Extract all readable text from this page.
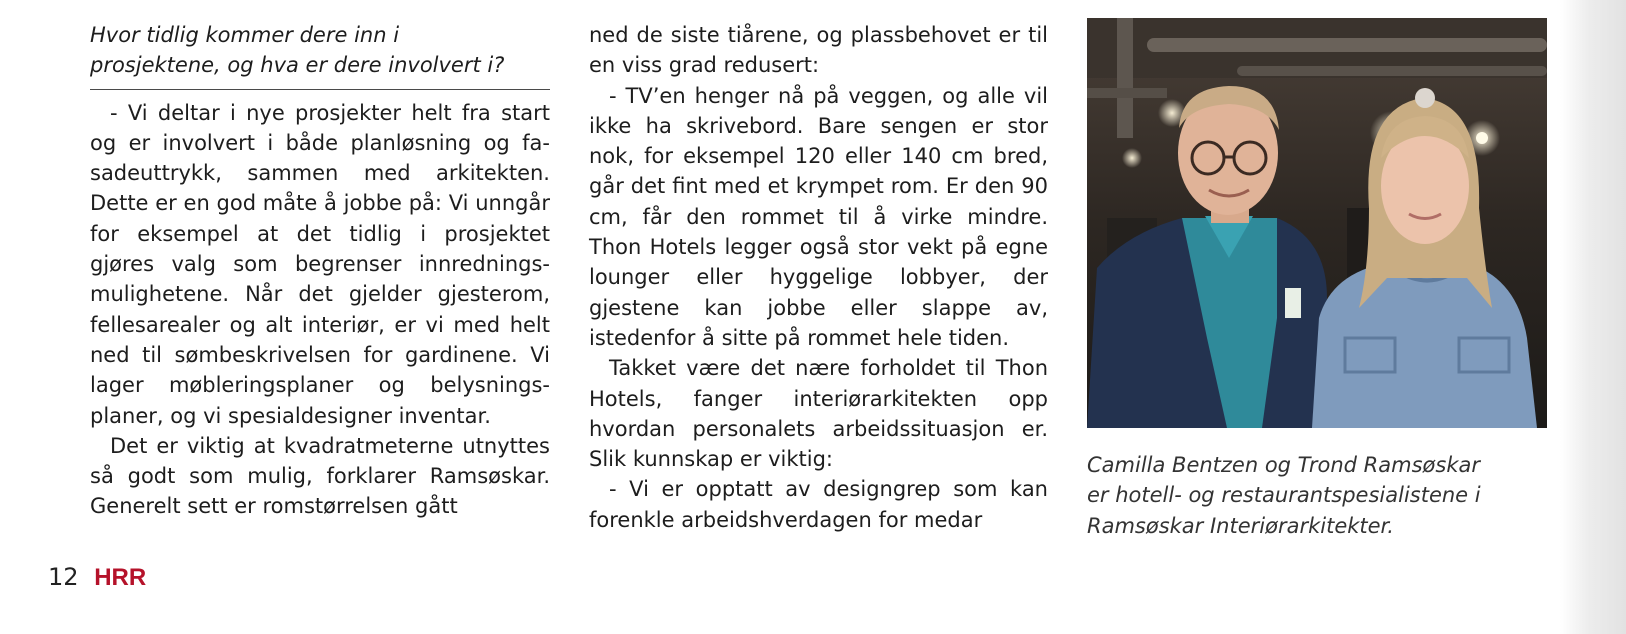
Hvor tidlig kommer dere inn i
prosjektene, og hva er dere involvert i?

- Vi deltar i nye prosjekter helt fra start og er involvert i både planløsning og fasadeuttrykk, sammen med arkitekten. Dette er en god måte å jobbe på: Vi unngår for eksempel at det tidlig i prosjektet gjøres valg som begrenser innredningsmulighetene. Når det gjelder gjesterom, fellesarealer og alt interiør, er vi med helt ned til sømbeskrivelsen for gardinene. Vi lager møbleringsplaner og belysningsplaner, og vi spesialdesigner inventar.

Det er viktig at kvadratmeterne utnyttes så godt som mulig, forklarer Ramsøskar. Generelt sett er romstørrelsen gått

ned de siste tiårene, og plassbehovet er til en viss grad redusert:

- TV’en henger nå på veggen, og alle vil ikke ha skrivebord. Bare sengen er stor nok, for eksempel 120 eller 140 cm bred, går det fint med et krympet rom. Er den 90 cm, får den rommet til å virke mindre. Thon Hotels legger også stor vekt på egne lounger eller hyggelige lobbyer, der gjestene kan jobbe eller slappe av, istedenfor å sitte på rommet hele tiden.

Takket være det nære forholdet til Thon Hotels, fanger interiørarkitekten opp hvordan personalets arbeidssituasjon er. Slik kunnskap er viktig:

- Vi er opptatt av designgrep som kan forenkle arbeidshverdagen for medar

Camilla Bentzen og Trond Ramsøskar

er hotell- og restaurantspesialistene i

Ramsøskar Interiørarkitekter.

12 HRR
